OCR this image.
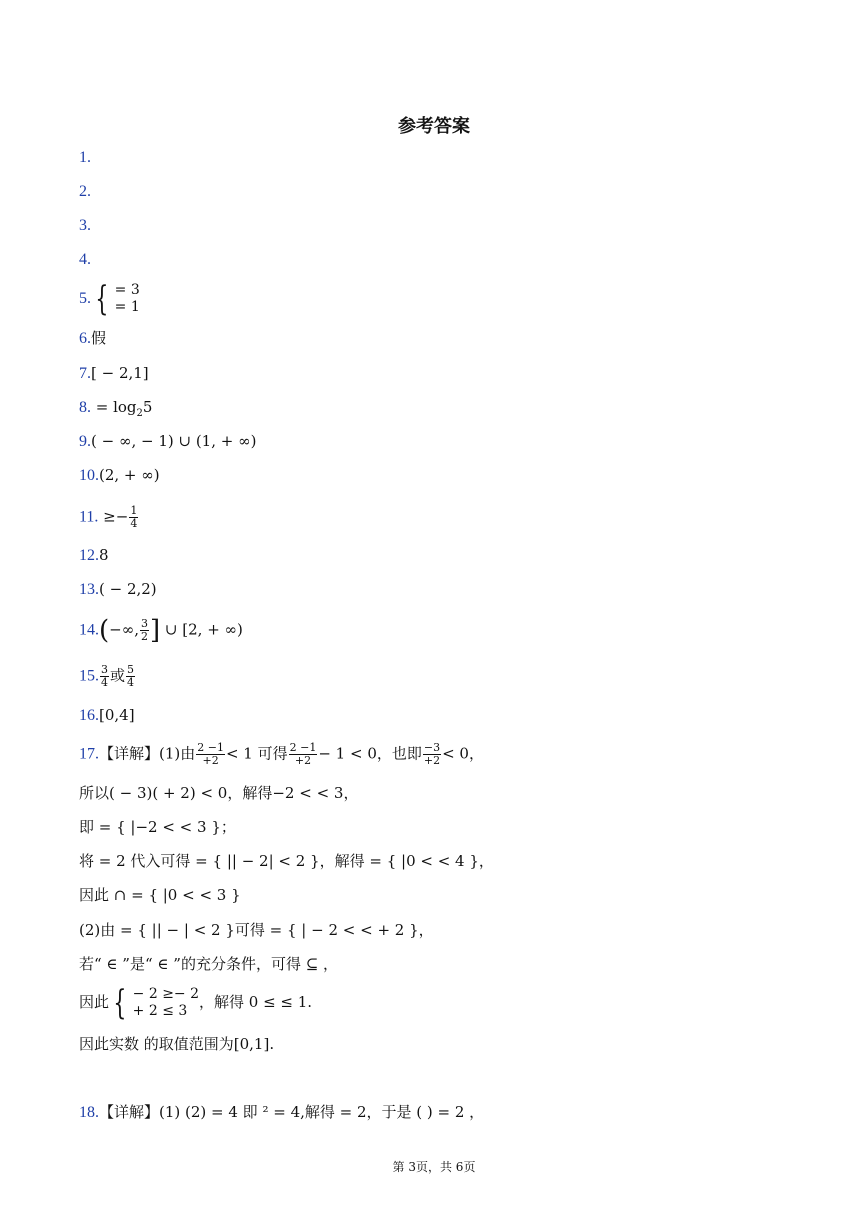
参考答案
1.
2.
3.
4.
5. { = 3
= 1
6.假
7.[ − 2,1]
8. = $\log_25$
9.( − ∞, − 1) ∪ (1, + ∞)
10.(2, + ∞)
11. ≥− $\frac{1}{4}$
12.8
13.( − 2,2)
14.(−∞, $\frac{3}{2}$ ] ∪ [2, + ∞)
15. $\frac{3}{4}$ 或 $\frac{5}{4}$
16.[0,4]
17.【详解】(1)由 $\frac{2 -1}{+2} < 1$ 可得 $\frac{2 -1}{+2} - 1 < 0$，也即 $\frac{-3}{+2} < 0$，
所以( − 3)( + 2) < 0，解得−2 < < 3，
即 = { |−2 < < 3 }；
将 = 2 代入可得 = { || − 2| < 2 }，解得 = { |0 < < 4 }，
因此 ∩ = { |0 < < 3 }
(2)由 = { || − | < 2 }可得 = { | − 2 < < + 2 }，
若“ ∈ ”是“ ∈ ”的充分条件，可得 ⊆ ，
因此 { − 2 ≥− 2
+ 2 ≤ 3 ，解得 0 ≤ ≤ 1.
因此实数 的取值范围为[0,1].
18.【详解】(1) (2) = 4 即 ² = 4,解得 = 2，于是 ( ) = 2 ，
第 3页，共 6页
